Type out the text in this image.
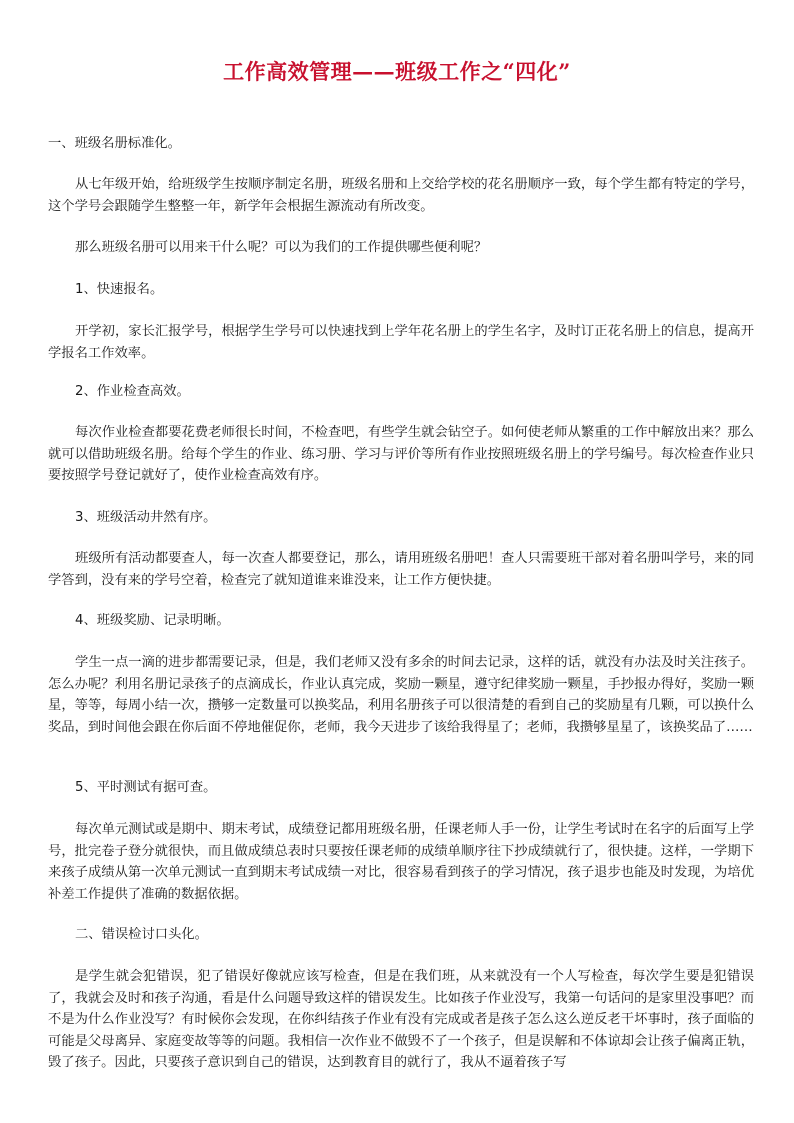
工作高效管理——班级工作之“四化”

一、班级名册标准化。

从七年级开始，给班级学生按顺序制定名册，班级名册和上交给学校的花名册顺序一致，每个学生都有特定的学号，这个学号会跟随学生整整一年，新学年会根据生源流动有所改变。

那么班级名册可以用来干什么呢？可以为我们的工作提供哪些便利呢？

1、快速报名。

开学初，家长汇报学号，根据学生学号可以快速找到上学年花名册上的学生名字，及时订正花名册上的信息，提高开学报名工作效率。

2、作业检查高效。

每次作业检查都要花费老师很长时间，不检查吧，有些学生就会钻空子。如何使老师从繁重的工作中解放出来？那么就可以借助班级名册。给每个学生的作业、练习册、学习与评价等所有作业按照班级名册上的学号编号。每次检查作业只要按照学号登记就好了，使作业检查高效有序。

3、班级活动井然有序。

班级所有活动都要查人，每一次查人都要登记，那么，请用班级名册吧！查人只需要班干部对着名册叫学号，来的同学答到，没有来的学号空着，检查完了就知道谁来谁没来，让工作方便快捷。

4、班级奖励、记录明晰。

学生一点一滴的进步都需要记录，但是，我们老师又没有多余的时间去记录，这样的话，就没有办法及时关注孩子。怎么办呢？利用名册记录孩子的点滴成长，作业认真完成，奖励一颗星，遵守纪律奖励一颗星，手抄报办得好，奖励一颗星，等等，每周小结一次，攒够一定数量可以换奖品，利用名册孩子可以很清楚的看到自己的奖励星有几颗，可以换什么奖品，到时间他会跟在你后面不停地催促你，老师，我今天进步了该给我得星了；老师，我攒够星星了，该换奖品了……

5、平时测试有据可查。

每次单元测试或是期中、期末考试，成绩登记都用班级名册，任课老师人手一份，让学生考试时在名字的后面写上学号，批完卷子登分就很快，而且做成绩总表时只要按任课老师的成绩单顺序往下抄成绩就行了，很快捷。这样，一学期下来孩子成绩从第一次单元测试一直到期末考试成绩一对比，很容易看到孩子的学习情况，孩子退步也能及时发现，为培优补差工作提供了准确的数据依据。

二、错误检讨口头化。

是学生就会犯错误，犯了错误好像就应该写检查，但是在我们班，从来就没有一个人写检查，每次学生要是犯错误了，我就会及时和孩子沟通，看是什么问题导致这样的错误发生。比如孩子作业没写，我第一句话问的是家里没事吧？而不是为什么作业没写？有时候你会发现，在你纠结孩子作业有没有完成或者是孩子怎么这么逆反老干坏事时，孩子面临的可能是父母离异、家庭变故等等的问题。我相信一次作业不做毁不了一个孩子，但是误解和不体谅却会让孩子偏离正轨，毁了孩子。因此，只要孩子意识到自己的错误，达到教育目的就行了，我从不逼着孩子写
